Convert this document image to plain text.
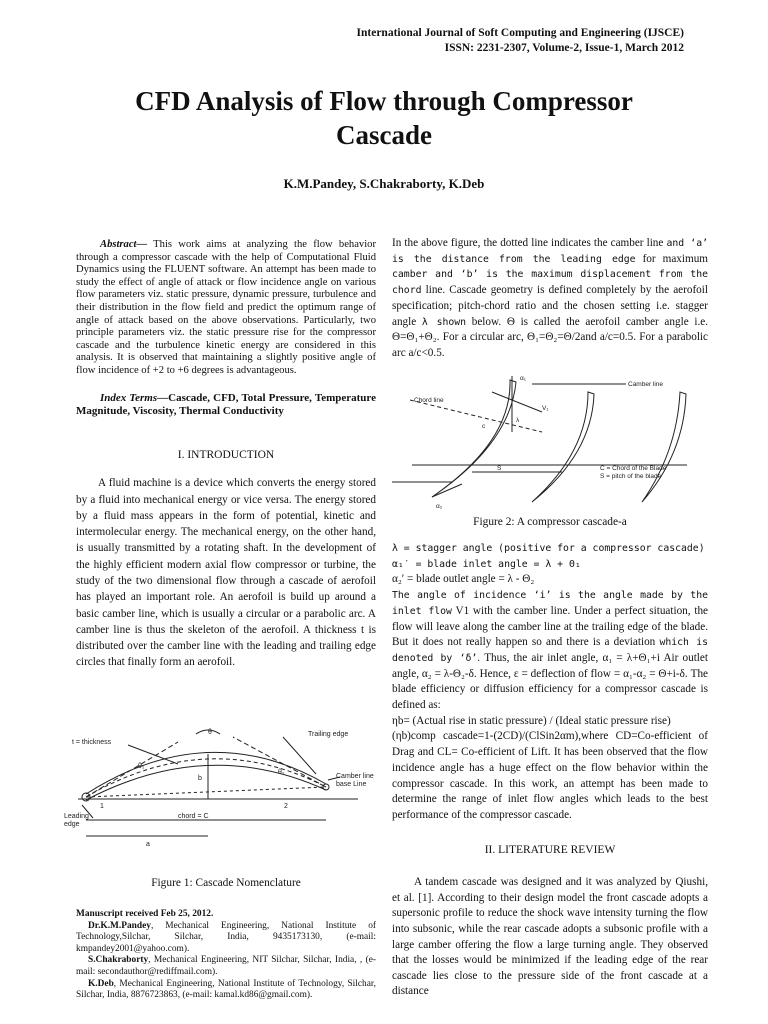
International Journal of Soft Computing and Engineering (IJSCE)
ISSN: 2231-2307, Volume-2, Issue-1, March 2012
CFD Analysis of Flow through Compressor
Cascade
K.M.Pandey, S.Chakraborty, K.Deb

Abstract— This work aims at analyzing the flow behavior through a compressor cascade with the help of Computational Fluid Dynamics using the FLUENT software. An attempt has been made to study the effect of angle of attack or flow incidence angle on various flow parameters viz. static pressure, dynamic pressure, turbulence and their distribution in the flow field and predict the optimum range of angle of attack based on the above observations. Particularly, two principle parameters viz. the static pressure rise for the compressor cascade and the turbulence kinetic energy are considered in this analysis. It is observed that maintaining a slightly positive angle of flow incidence of +2 to +6 degrees is advantageous.

Index Terms—Cascade, CFD, Total Pressure, Temperature Magnitude, Viscosity, Thermal Conductivity

I. INTRODUCTION

A fluid machine is a device which converts the energy stored by a fluid into mechanical energy or vice versa. The energy stored by a fluid mass appears in the form of potential, kinetic and intermolecular energy. The mechanical energy, on the other hand, is usually transmitted by a rotating shaft. In the development of the highly efficient modern axial flow compressor or turbine, the study of the two dimensional flow through a cascade of aerofoil has played an important role. An aerofoil is build up around a basic camber line, which is usually a circular or a parabolic arc. A camber line is thus the skeleton of the aerofoil. A thickness t is distributed over the camber line with the leading and trailing edge circles that finally form an aerofoil.

t = thickness
θ	Trailing edge
Camber line
base Line
Leading
edge
chord = C
b
a
1	2
θ₁
θ₂
Figure 1: Cascade Nomenclature

Manuscript received Feb 25, 2012.

Dr.K.M.Pandey, Mechanical Engineering, National Institute of Technology,Silchar, Silchar, India, 9435173130, (e-mail: kmpandey2001@yahoo.com).

S.Chakraborty, Mechanical Engineering, NIT Silchar, Silchar, India, , (e-mail: secondauthor@rediffmail.com).

K.Deb, Mechanical Engineering, National Institute of Technology, Silchar, Silchar, India, 8876723863, (e-mail: kamal.kd86@gmail.com).

In the above figure, the dotted line indicates the camber line and ‘a’ is the distance from the leading edge for maximum camber and ‘b’ is the maximum displacement from the chord line. Cascade geometry is defined completely by the aerofoil specification; pitch-chord ratio and the chosen setting i.e. stagger angle λ shown below. Θ is called the aerofoil camber angle i.e. Θ=Θ₁+Θ₂. For a circular arc, Θ₁=Θ₂=Θ/2and a/c=0.5. For a parabolic arc a/c<0.5.

Camber line
Chord line
C = Chord of the Blade
S = pitch of the blade
S
α₁
α₂
V₁
λ
c
Figure 2: A compressor cascade-a

λ = stagger angle (positive for a compressor cascade)

α₁′ = blade inlet angle = λ + Θ₁

α₂′ = blade outlet angle = λ - Θ₂

The angle of incidence ‘i’ is the angle made by the inlet flow V1 with the camber line. Under a perfect situation, the flow will leave along the camber line at the trailing edge of the blade. But it does not really happen so and there is a deviation which is denoted by ‘δ’. Thus, the air inlet angle, α₁ = λ+Θ₁+i Air outlet angle, α₂ = λ-Θ₂-δ. Hence, ε = deflection of flow = α₁-α₂ = Θ+i-δ. The blade efficiency or diffusion efficiency for a compressor cascade is defined as:

ηb= (Actual rise in static pressure) / (Ideal static pressure rise)

(ηb)comp cascade=1-(2CD)/(ClSin2αm),where CD=Co-efficient of Drag and CL= Co-efficient of Lift. It has been observed that the flow incidence angle has a huge effect on the flow behavior within the compressor cascade. In this work, an attempt has been made to determine the range of inlet flow angles which leads to the best performance of the compressor cascade.

II. LITERATURE REVIEW

A tandem cascade was designed and it was analyzed by Qiushi, et al. [1]. According to their design model the front cascade adopts a supersonic profile to reduce the shock wave intensity turning the flow into subsonic, while the rear cascade adopts a subsonic profile with a large camber offering the flow a large turning angle. They observed that the losses would be minimized if the leading edge of the rear cascade lies close to the pressure side of the front cascade at a distance
